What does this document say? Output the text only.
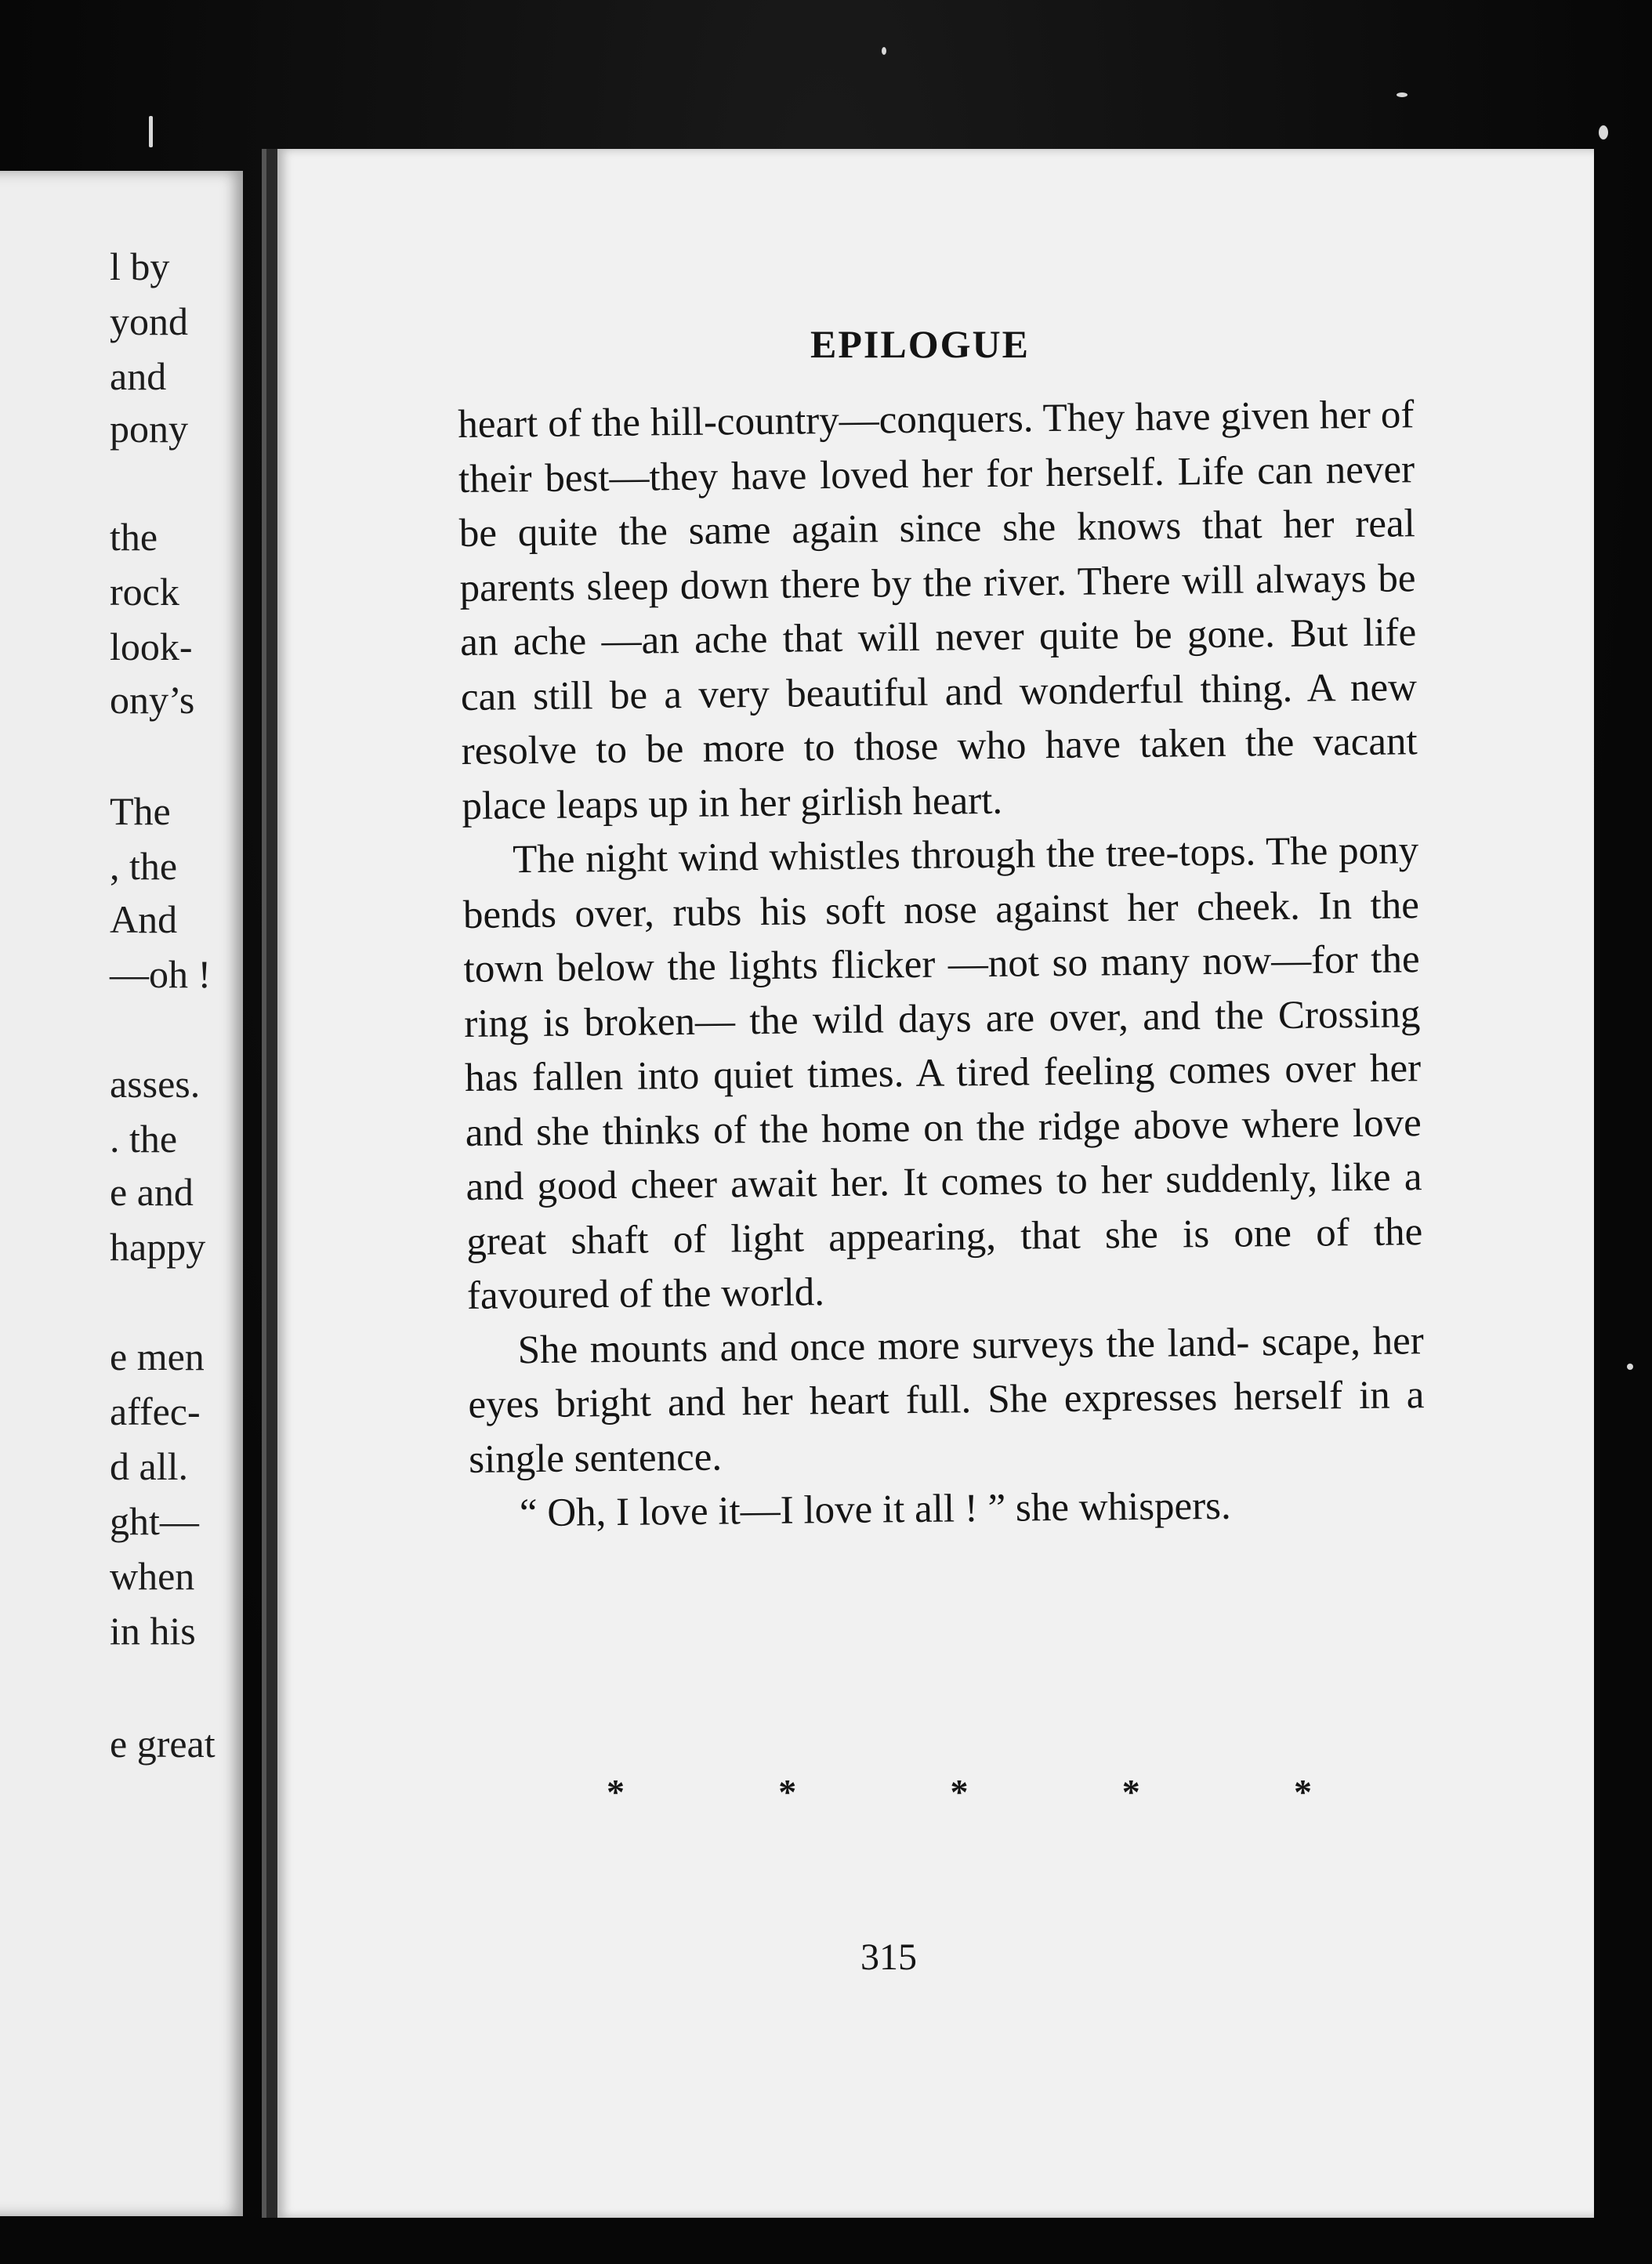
l by
yond
and
pony
the
rock
look-
ony’s
The
, the
And
—oh !
asses.
. the
e and
happy
e men
affec-
d all.
ght—
when
in his
e great
EPILOGUE

heart of the hill-country—conquers. They have given her of their best—they have loved her for herself. Life can never be quite the same again since she knows that her real parents sleep down there by the river. There will always be an ache —an ache that will never quite be gone. But life can still be a very beautiful and wonderful thing. A new resolve to be more to those who have taken the vacant place leaps up in her girlish heart.

The night wind whistles through the tree-tops. The pony bends over, rubs his soft nose against her cheek. In the town below the lights flicker —not so many now—for the ring is broken— the wild days are over, and the Crossing has fallen into quiet times. A tired feeling comes over her and she thinks of the home on the ridge above where love and good cheer await her. It comes to her suddenly, like a great shaft of light appearing, that she is one of the favoured of the world.

She mounts and once more surveys the land- scape, her eyes bright and her heart full. She expresses herself in a single sentence.

“ Oh, I love it—I love it all ! ” she whispers.

*	*	*	*	*
315
